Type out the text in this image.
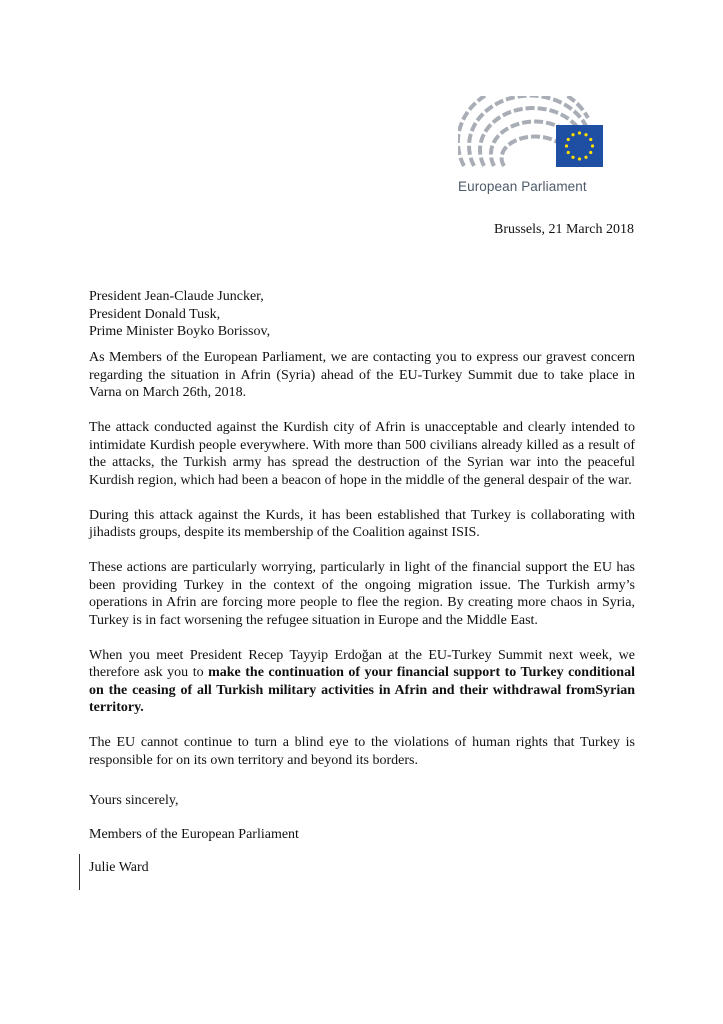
European Parliament
Brussels, 21 March 2018
President Jean-Claude Juncker,
President Donald Tusk,
Prime Minister Boyko Borissov,

As Members of the European Parliament, we are contacting you to express our gravest concern regarding the situation in Afrin (Syria) ahead of the EU-Turkey Summit due to take place in Varna on March 26th, 2018.

The attack conducted against the Kurdish city of Afrin is unacceptable and clearly intended to intimidate Kurdish people everywhere. With more than 500 civilians already killed as a result of the attacks, the Turkish army has spread the destruction of the Syrian war into the peaceful Kurdish region, which had been a beacon of hope in the middle of the general despair of the war.

During this attack against the Kurds, it has been established that Turkey is collaborating with jihadists groups, despite its membership of the Coalition against ISIS.

These actions are particularly worrying, particularly in light of the financial support the EU has been providing Turkey in the context of the ongoing migration issue. The Turkish army’s operations in Afrin are forcing more people to flee the region. By creating more chaos in Syria, Turkey is in fact worsening the refugee situation in Europe and the Middle East.

When you meet President Recep Tayyip Erdoğan at the EU-Turkey Summit next week, we therefore ask you to make the continuation of your financial support to Turkey conditional on the ceasing of all Turkish military activities in Afrin and their withdrawal fromSyrian territory.

The EU cannot continue to turn a blind eye to the violations of human rights that Turkey is responsible for on its own territory and beyond its borders.

Yours sincerely,
Members of the European Parliament
Julie Ward
